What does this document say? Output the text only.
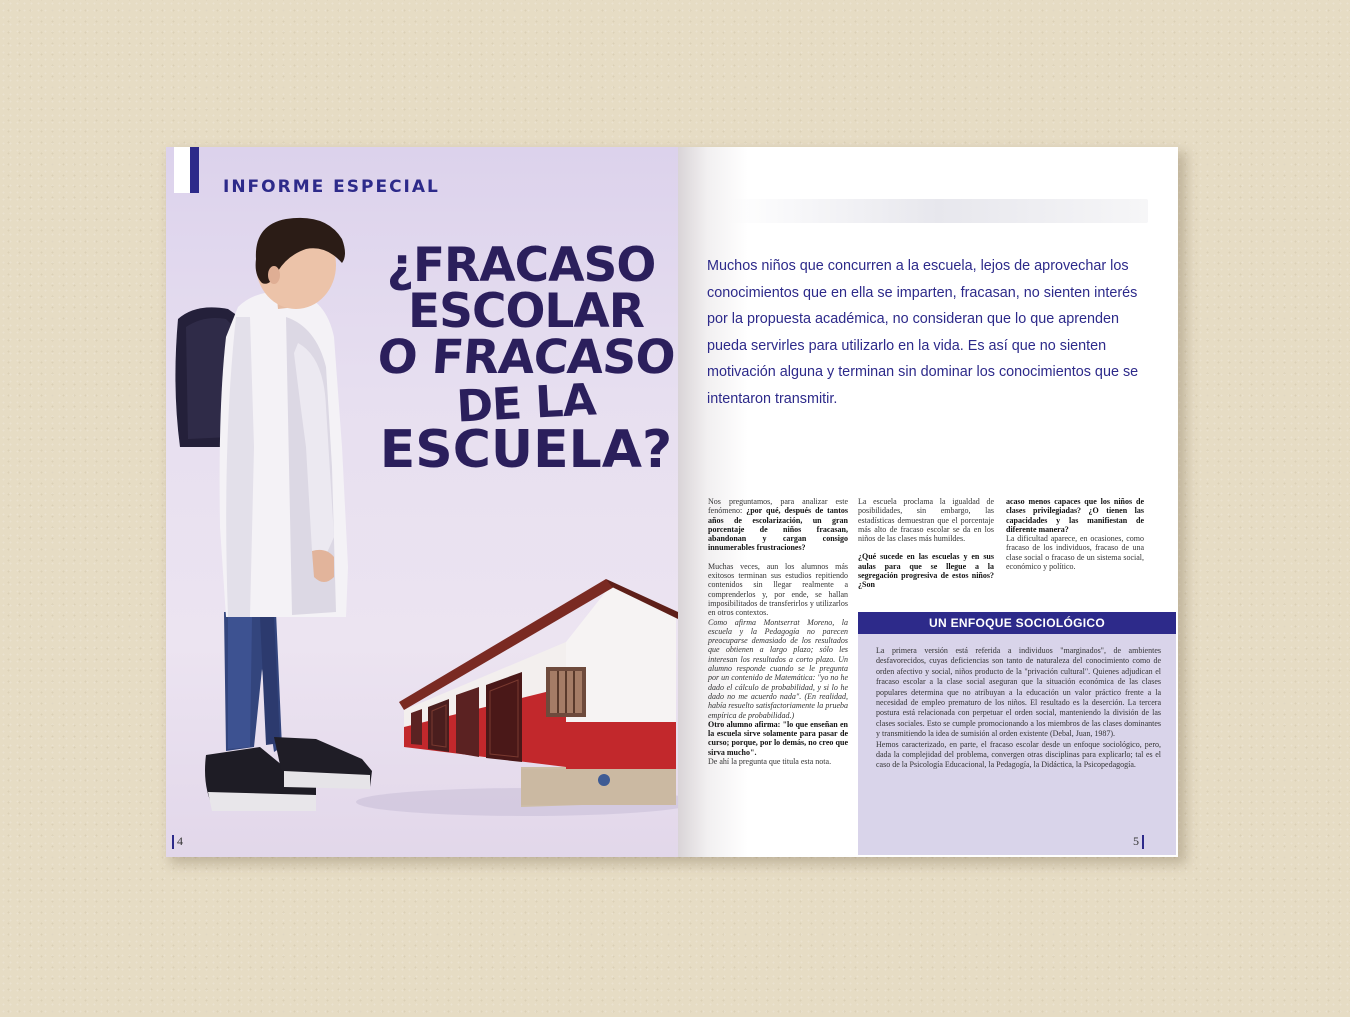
INFORME ESPECIAL
¿FRACASO
ESCOLAR
O FRACASO
DE LA
ESCUELA?
4
Muchos niños que concurren a la escuela, lejos de aprovechar los conocimientos que en ella se imparten, fracasan, no sienten interés por la propuesta académica, no consideran que lo que aprenden pueda servirles para utilizarlo en la vida. Es así que no sienten motivación alguna y terminan sin dominar los conocimientos que se intentaron transmitir.
Nos preguntamos, para analizar este fenómeno: ¿por qué, después de tantos años de escolarización, un gran porcentaje de niños fracasan, abandonan y cargan consigo innumerables frustraciones?
Muchas veces, aun los alumnos más exitosos terminan sus estudios repitiendo contenidos sin llegar realmente a comprenderlos y, por ende, se hallan imposibilitados de transferirlos y utilizarlos en otros contextos.
Como afirma Montserrat Moreno, la escuela y la Pedagogía no parecen preocuparse demasiado de los resultados que obtienen a largo plazo; sólo les interesan los resultados a corto plazo. Un alumno responde cuando se le pregunta por un contenido de Matemática: "yo no he dado el cálculo de probabilidad, y si lo he dado no me acuerdo nada". (En realidad, había resuelto satisfactoriamente la prueba empírica de probabilidad.)
Otro alumno afirma: "lo que enseñan en la escuela sirve solamente para pasar de curso; porque, por lo demás, no creo que sirva mucho".
De ahí la pregunta que titula esta nota.
La escuela proclama la igualdad de posibilidades, sin embargo, las estadísticas demuestran que el porcentaje más alto de fracaso escolar se da en los niños de las clases más humildes.
¿Qué sucede en las escuelas y en sus aulas para que se llegue a la segregación progresiva de estos niños? ¿Son
acaso menos capaces que los niños de clases privilegiadas? ¿O tienen las capacidades y las manifiestan de diferente manera?
La dificultad aparece, en ocasiones, como fracaso de los individuos, fracaso de una clase social o fracaso de un sistema social, económico y político.
UN ENFOQUE SOCIOLÓGICO
La primera versión está referida a individuos "marginados", de ambientes desfavorecidos, cuyas deficiencias son tanto de naturaleza del conocimiento como de orden afectivo y social, niños producto de la "privación cultural". Quienes adjudican el fracaso escolar a la clase social aseguran que la situación económica de las clases populares determina que no atribuyan a la educación un valor práctico frente a la necesidad de empleo prematuro de los niños. El resultado es la deserción. La tercera postura está relacionada con perpetuar el orden social, manteniendo la división de las clases sociales. Esto se cumple promocionando a los miembros de las clases dominantes y transmitiendo la idea de sumisión al orden existente (Debal, Juan, 1987).
Hemos caracterizado, en parte, el fracaso escolar desde un enfoque sociológico, pero, dada la complejidad del problema, convergen otras disciplinas para explicarlo; tal es el caso de la Psicología Educacional, la Pedagogía, la Didáctica, la Psicopedagogía.
5
